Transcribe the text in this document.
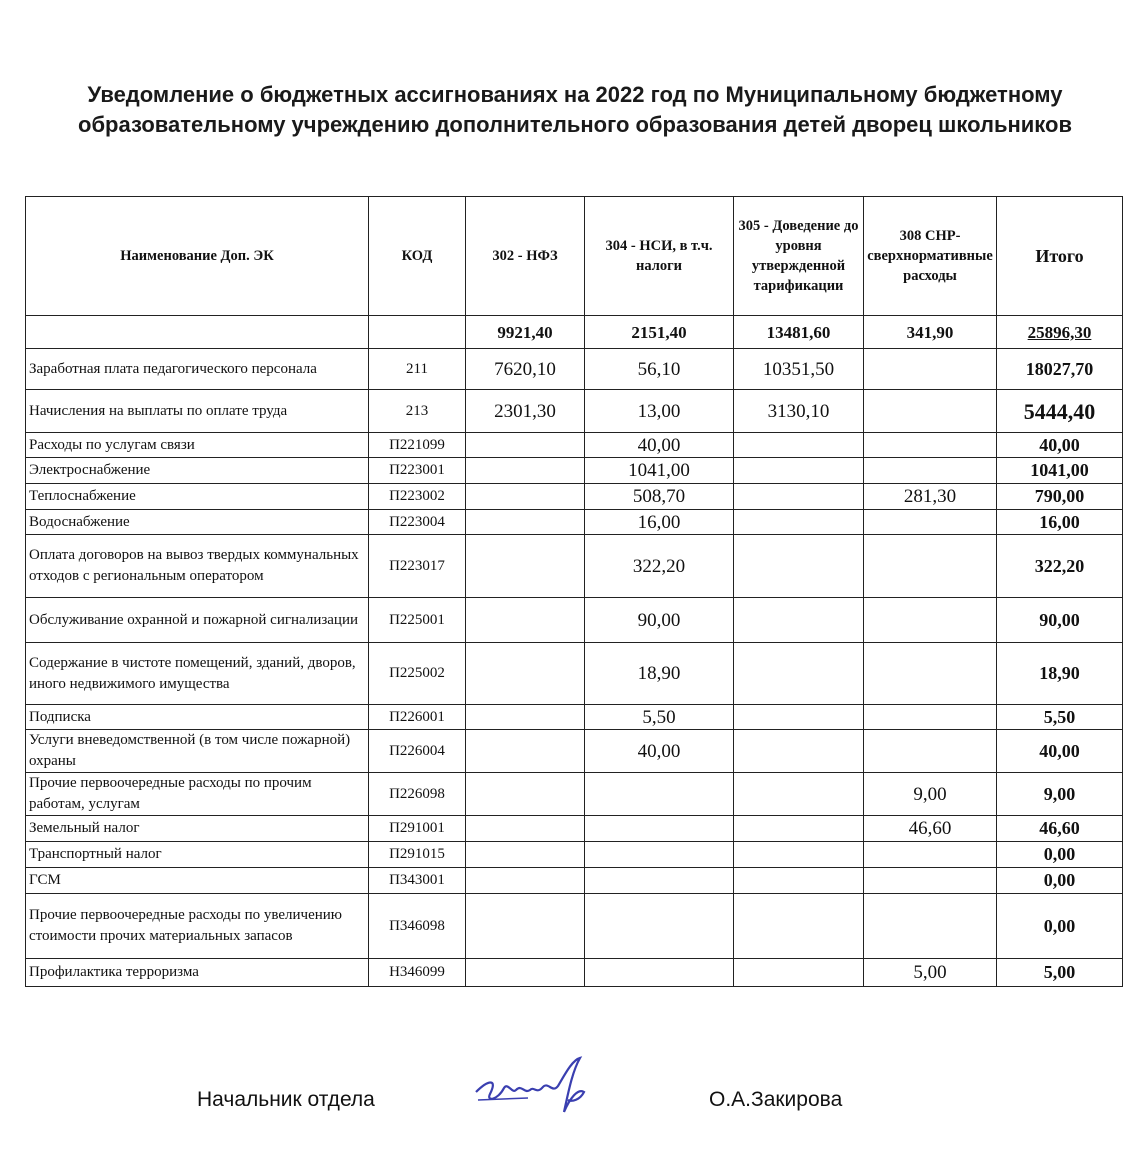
Уведомление о бюджетных ассигнованиях на 2022 год по Муниципальному бюджетному образовательному учреждению дополнительного образования детей дворец школьников
Наименование Доп. ЭК	КОД	302 - НФЗ	304 - НСИ, в т.ч. налоги	305 - Доведение до уровня утвержденной тарификации	308 СНР-сверхнормативные расходы	Итого
		9921,40	2151,40	13481,60	341,90	25896,30
Заработная плата педагогического персонала	211	7620,10	56,10	10351,50		18027,70
Начисления на выплаты по оплате труда	213	2301,30	13,00	3130,10		5444,40
Расходы по услугам связи	П221099		40,00			40,00
Электроснабжение	П223001		1041,00			1041,00
Теплоснабжение	П223002		508,70		281,30	790,00
Водоснабжение	П223004		16,00			16,00
Оплата договоров на вывоз твердых коммунальных отходов с региональным оператором	П223017		322,20			322,20
Обслуживание охранной и пожарной сигнализации	П225001		90,00			90,00
Содержание в чистоте помещений, зданий, дворов, иного недвижимого имущества	П225002		18,90			18,90
Подписка	П226001		5,50			5,50
Услуги вневедомственной (в том числе пожарной) охраны	П226004		40,00			40,00
Прочие первоочередные расходы по прочим работам, услугам	П226098				9,00	9,00
Земельный налог	П291001				46,60	46,60
Транспортный налог	П291015					0,00
ГСМ	П343001					0,00
Прочие первоочередные расходы по увеличению стоимости прочих материальных запасов	П346098					0,00
Профилактика терроризма	Н346099				5,00	5,00
Начальник отдела	О.А.Закирова
